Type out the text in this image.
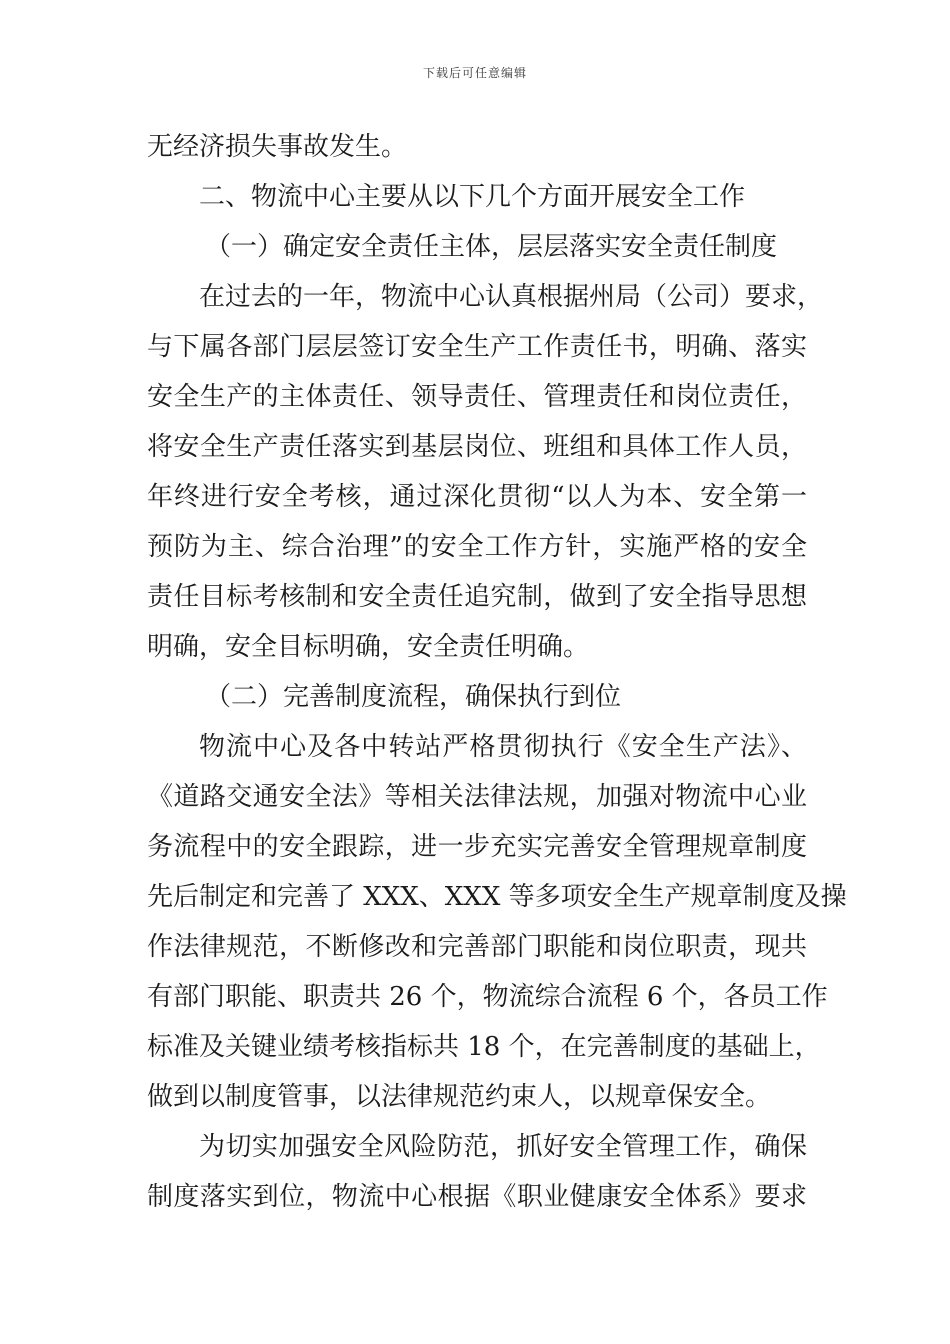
下载后可任意编辑
无经济损失事故发生。
二、物流中心主要从以下几个方面开展安全工作
（一）确定安全责任主体，层层落实安全责任制度
在过去的一年，物流中心认真根据州局（公司）要求，
与下属各部门层层签订安全生产工作责任书，明确、落实
安全生产的主体责任、领导责任、管理责任和岗位责任，
将安全生产责任落实到基层岗位、班组和具体工作人员，
年终进行安全考核，通过深化贯彻“以人为本、安全第一
预防为主、综合治理”的安全工作方针，实施严格的安全
责任目标考核制和安全责任追究制，做到了安全指导思想
明确，安全目标明确，安全责任明确。
（二）完善制度流程，确保执行到位
物流中心及各中转站严格贯彻执行《安全生产法》、
《道路交通安全法》等相关法律法规，加强对物流中心业
务流程中的安全跟踪，进一步充实完善安全管理规章制度
先后制定和完善了 XXX、XXX 等多项安全生产规章制度及操
作法律规范，不断修改和完善部门职能和岗位职责，现共
有部门职能、职责共 26 个，物流综合流程 6 个，各员工作
标准及关键业绩考核指标共 18 个，在完善制度的基础上，
做到以制度管事，以法律规范约束人，以规章保安全。
为切实加强安全风险防范，抓好安全管理工作，确保
制度落实到位，物流中心根据《职业健康安全体系》要求
